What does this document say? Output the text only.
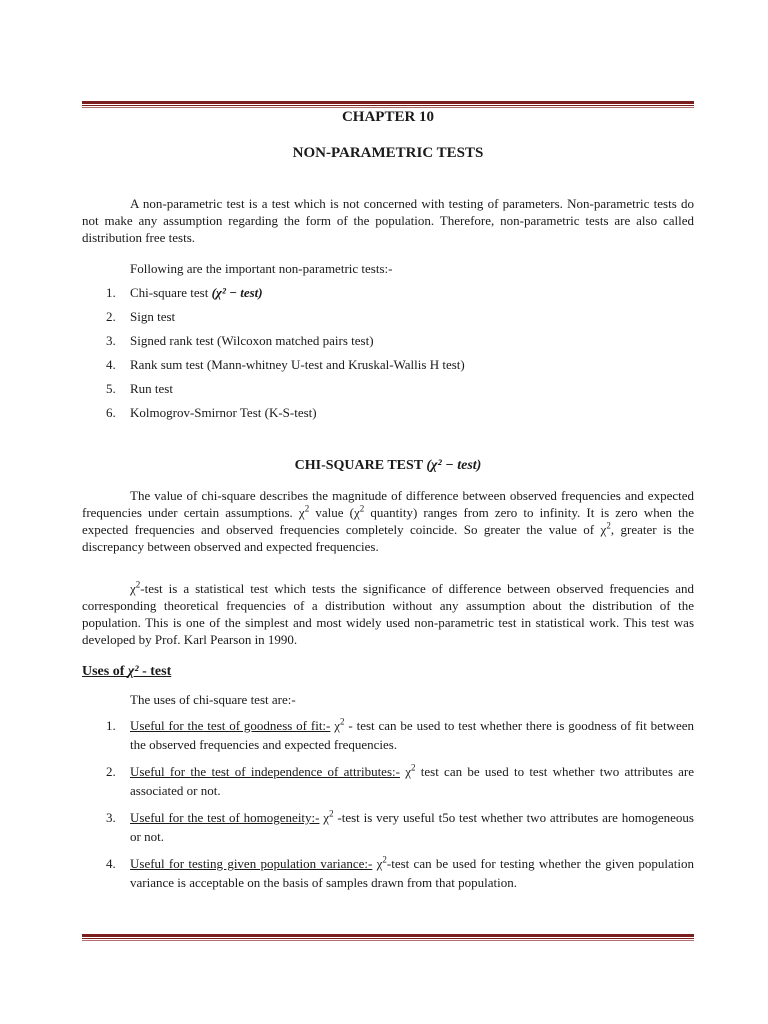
CHAPTER 10
NON-PARAMETRIC TESTS

A non-parametric test is a test which is not concerned with testing of parameters. Non-parametric tests do not make any assumption regarding the form of the population. Therefore, non-parametric tests are also called distribution free tests.

Following are the important non-parametric tests:-

1. Chi-square test (χ² − test)
2. Sign test
3. Signed rank test (Wilcoxon matched pairs test)
4. Rank sum test (Mann-whitney U-test and Kruskal-Wallis H test)
5. Run test
6. Kolmogrov-Smirnor Test (K-S-test)
CHI-SQUARE TEST (χ² − test)

The value of chi-square describes the magnitude of difference between observed frequencies and expected frequencies under certain assumptions. $\chi^2$ value ($\chi^2$ quantity) ranges from zero to infinity. It is zero when the expected frequencies and observed frequencies completely coincide. So greater the value of $\chi^2$, greater is the discrepancy between observed and expected frequencies.

$\chi^2$-test is a statistical test which tests the significance of difference between observed frequencies and corresponding theoretical frequencies of a distribution without any assumption about the distribution of the population. This is one of the simplest and most widely used non-parametric test in statistical work. This test was developed by Prof. Karl Pearson in 1990.

Uses of χ² - test

The uses of chi-square test are:-

1. Useful for the test of goodness of fit:- $\chi^2$ - test can be used to test whether there is goodness of fit between the observed frequencies and expected frequencies.
2. Useful for the test of independence of attributes:- $\chi^2$ test can be used to test whether two attributes are associated or not.
3. Useful for the test of homogeneity:- $\chi^2$ -test is very useful t5o test whether two attributes are homogeneous or not.
4. Useful for testing given population variance:- $\chi^2$-test can be used for testing whether the given population variance is acceptable on the basis of samples drawn from that population.
